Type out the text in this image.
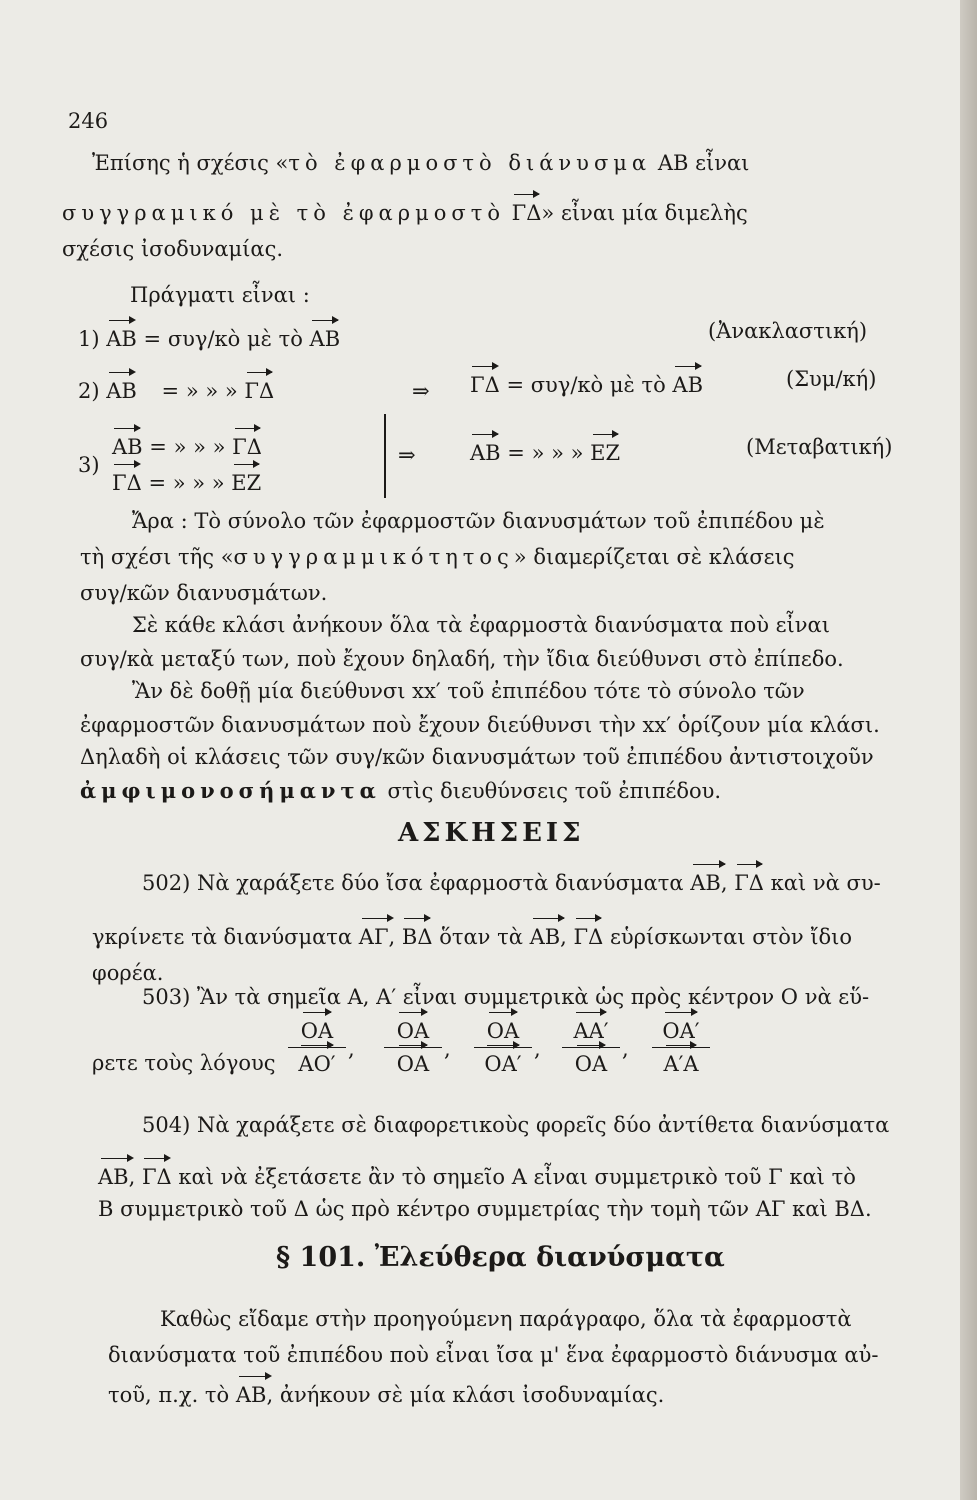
246
Ἐπίσης ἡ σχέσις «τὸ ἐφαρμοστὸ διάνυσμα ΑΒ εἶναι
συγγραμικό μὲ τὸ ἐφαρμοστὸ ΓΔ» εἶναι μία διμελὴς
σχέσις ἰσοδυναμίας.
Πράγματι εἶναι :
1) ΑΒ = συγ/κὸ μὲ τὸ ΑΒ	(Ἀνακλαστική)
2) ΑΒ = » » » ΓΔ	⇒ ΓΔ = συγ/κὸ μὲ τὸ ΑΒ	(Συμ/κή)
3)
ΑΒ = » » » ΓΔ
ΓΔ = » » » ΕΖ
⇒	ΑΒ = » » » ΕΖ	(Μεταβατική)
Ἄρα : Τὸ σύνολο τῶν ἐφαρμοστῶν διανυσμάτων τοῦ ἐπιπέδου μὲ
τὴ σχέσι τῆς «συγγραμμικότητος» διαμερίζεται σὲ κλάσεις
συγ/κῶν διανυσμάτων.
Σὲ κάθε κλάσι ἀνήκουν ὅλα τὰ ἐφαρμοστὰ διανύσματα ποὺ εἶναι
συγ/κὰ μεταξύ των, ποὺ ἔχουν δηλαδή, τὴν ἴδια διεύθυνσι στὸ ἐπίπεδο.
Ἂν δὲ δοθῇ μία διεύθυνσι xx′ τοῦ ἐπιπέδου τότε τὸ σύνολο τῶν
ἐφαρμοστῶν διανυσμάτων ποὺ ἔχουν διεύθυνσι τὴν xx′ ὁρίζουν μία κλάσι.
Δηλαδὴ οἱ κλάσεις τῶν συγ/κῶν διανυσμάτων τοῦ ἐπιπέδου ἀντιστοιχοῦν
ἀμφιμονοσήμαντα στὶς διευθύνσεις τοῦ ἐπιπέδου.
ΑΣΚΗΣΕΙΣ
502) Νὰ χαράξετε δύο ἴσα ἐφαρμοστὰ διανύσματα ΑΒ, ΓΔ καὶ νὰ συ-
γκρίνετε τὰ διανύσματα ΑΓ, ΒΔ ὅταν τὰ ΑΒ, ΓΔ εὑρίσκωνται στὸν ἴδιο
φορέα.
503) Ἂν τὰ σημεῖα Α, Α′ εἶναι συμμετρικὰ ὡς πρὸς κέντρον Ο νὰ εὕ-
ρετε τοὺς λόγους
ΟΑ
ΑΟ′
,
ΟΑ
ΟΑ
,
ΟΑ
ΟΑ′
,
ΑΑ′
ΟΑ
,
ΟΑ′
Α′Α
504) Νὰ χαράξετε σὲ διαφορετικοὺς φορεῖς δύο ἀντίθετα διανύσματα
ΑΒ, ΓΔ καὶ νὰ ἐξετάσετε ἂν τὸ σημεῖο Α εἶναι συμμετρικὸ τοῦ Γ καὶ τὸ
Β συμμετρικὸ τοῦ Δ ὡς πρὸ κέντρο συμμετρίας τὴν τομὴ τῶν ΑΓ καὶ ΒΔ.
§ 101. Ἐλεύθερα διανύσματα
Καθὼς εἴδαμε στὴν προηγούμενη παράγραφο, ὅλα τὰ ἐφαρμοστὰ
διανύσματα τοῦ ἐπιπέδου ποὺ εἶναι ἴσα μ' ἕνα ἐφαρμοστὸ διάνυσμα αὐ-
τοῦ, π.χ. τὸ ΑΒ, ἀνήκουν σὲ μία κλάσι ἰσοδυναμίας.
